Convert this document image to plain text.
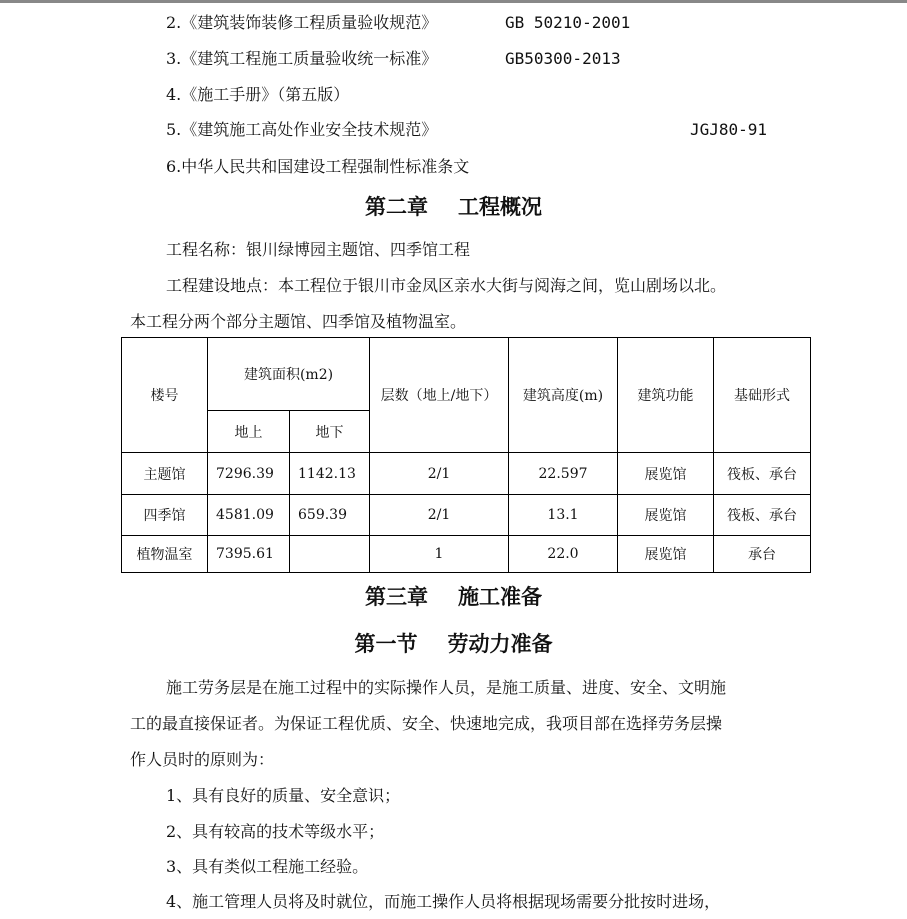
2.《建筑装饰装修工程质量验收规范》	GB 50210-2001
3.《建筑工程施工质量验收统一标准》	GB50300-2013
4.《施工手册》（第五版）
5.《建筑施工高处作业安全技术规范》	JGJ80-91
6.中华人民共和国建设工程强制性标准条文
第二章 工程概况
工程名称：银川绿博园主题馆、四季馆工程
工程建设地点：本工程位于银川市金凤区亲水大街与阅海之间，览山剧场以北。
本工程分两个部分主题馆、四季馆及植物温室。
楼号	建筑面积(m2)		层数（地上/地下）	建筑高度(m)	建筑功能	基础形式
	地上	地下				
主题馆	7296.39	1142.13	2/1	22.597	展览馆	筏板、承台
四季馆	4581.09	659.39	2/1	13.1	展览馆	筏板、承台
植物温室	7395.61		1	22.0	展览馆	承台
第三章 施工准备
第一节 劳动力准备
施工劳务层是在施工过程中的实际操作人员，是施工质量、进度、安全、文明施
工的最直接保证者。为保证工程优质、安全、快速地完成，我项目部在选择劳务层操
作人员时的原则为：
1、具有良好的质量、安全意识；
2、具有较高的技术等级水平；
3、具有类似工程施工经验。
4、施工管理人员将及时就位，而施工操作人员将根据现场需要分批按时进场，
